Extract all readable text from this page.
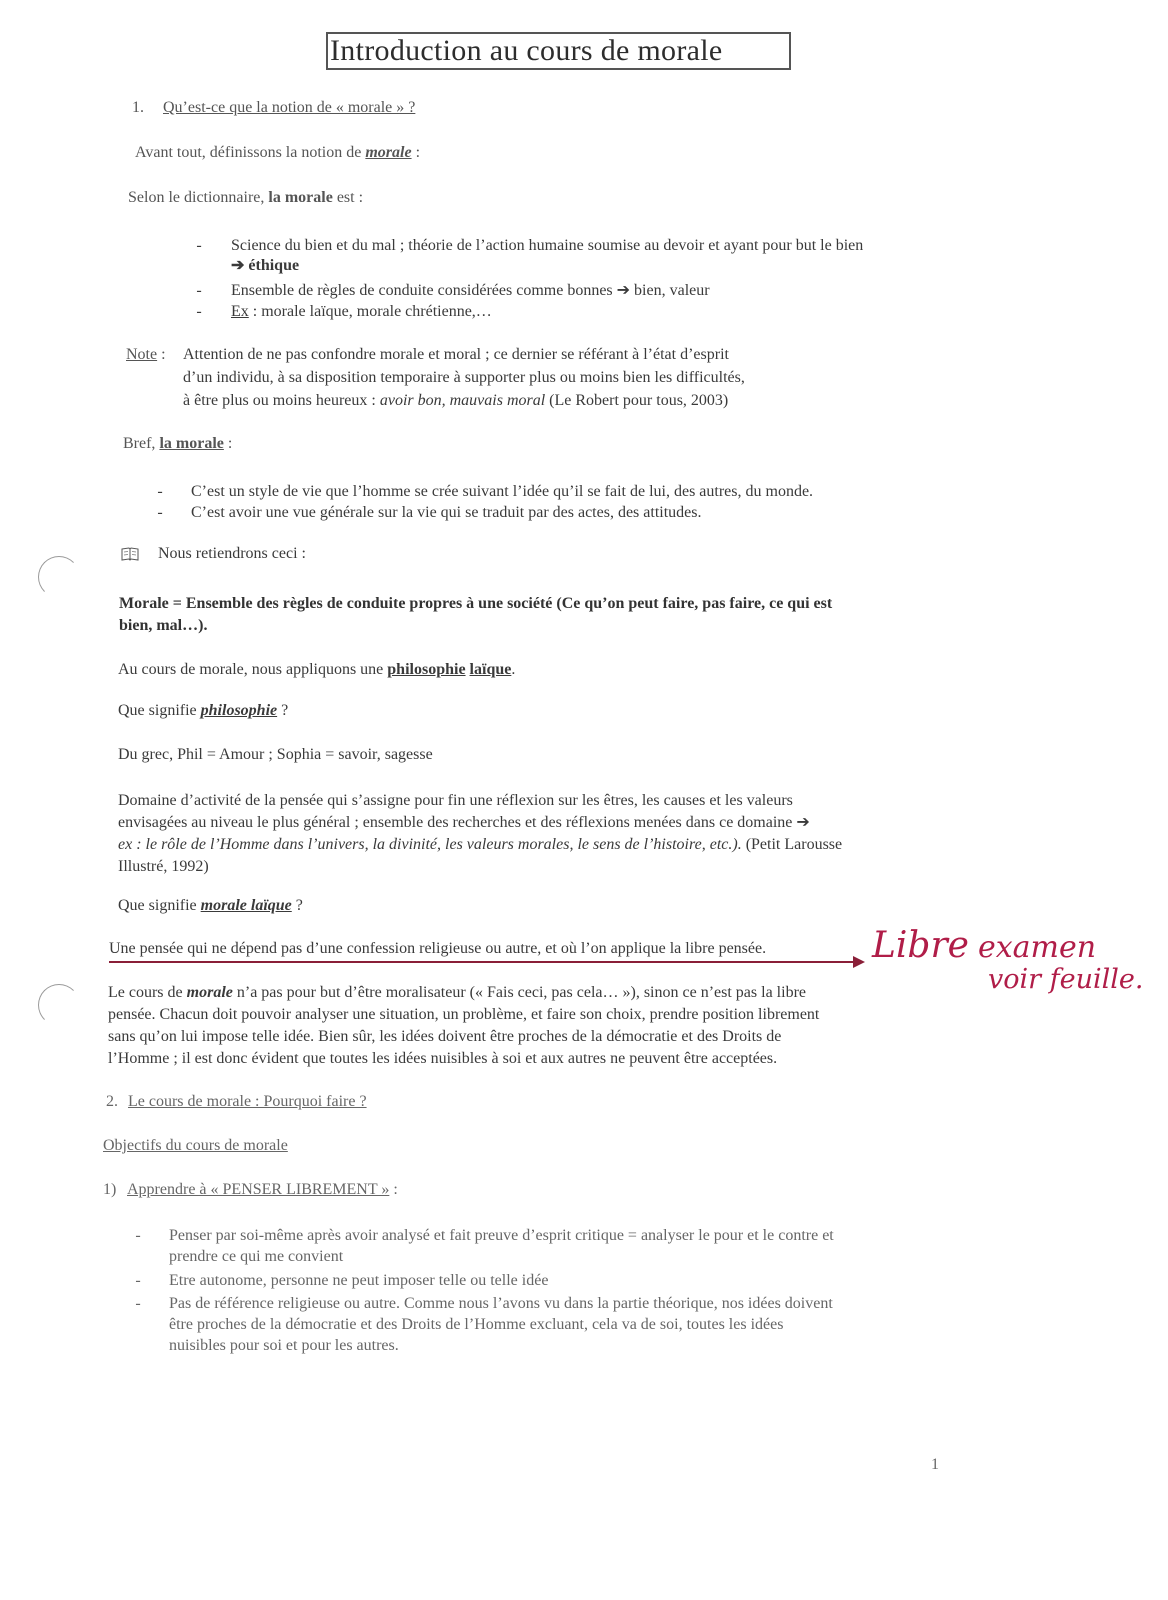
Introduction au cours de morale
1. Qu’est-ce que la notion de « morale » ?
Avant tout, définissons la notion de morale :
Selon le dictionnaire, la morale est :
- Science du bien et du mal ; théorie de l’action humaine soumise au devoir et ayant pour but le bien
➔ éthique
- Ensemble de règles de conduite considérées comme bonnes ➔ bien, valeur
- Ex : morale laïque, morale chrétienne,…
Note : Attention de ne pas confondre morale et moral ; ce dernier se référant à l’état d’esprit
d’un individu, à sa disposition temporaire à supporter plus ou moins bien les difficultés,
à être plus ou moins heureux : avoir bon, mauvais moral (Le Robert pour tous, 2003)
Bref, la morale :
- C’est un style de vie que l’homme se crée suivant l’idée qu’il se fait de lui, des autres, du monde.
- C’est avoir une vue générale sur la vie qui se traduit par des actes, des attitudes.
Nous retiendrons ceci :
Morale = Ensemble des règles de conduite propres à une société (Ce qu’on peut faire, pas faire, ce qui est
bien, mal…).
Au cours de morale, nous appliquons une philosophie laïque.
Que signifie philosophie ?
Du grec, Phil = Amour ; Sophia = savoir, sagesse
Domaine d’activité de la pensée qui s’assigne pour fin une réflexion sur les êtres, les causes et les valeurs
envisagées au niveau le plus général ; ensemble des recherches et des réflexions menées dans ce domaine ➔
ex : le rôle de l’Homme dans l’univers, la divinité, les valeurs morales, le sens de l’histoire, etc.). (Petit Larousse
Illustré, 1992)
Que signifie morale laïque ?
Une pensée qui ne dépend pas d’une confession religieuse ou autre, et où l’on applique la libre pensée.	Libre examen
voir feuille.
Le cours de morale n’a pas pour but d’être moralisateur (« Fais ceci, pas cela… »), sinon ce n’est pas la libre
pensée. Chacun doit pouvoir analyser une situation, un problème, et faire son choix, prendre position librement
sans qu’on lui impose telle idée. Bien sûr, les idées doivent être proches de la démocratie et des Droits de
l’Homme ; il est donc évident que toutes les idées nuisibles à soi et aux autres ne peuvent être acceptées.
2. Le cours de morale : Pourquoi faire ?
Objectifs du cours de morale
1) Apprendre à « PENSER LIBREMENT » :
- Penser par soi-même après avoir analysé et fait preuve d’esprit critique = analyser le pour et le contre et
prendre ce qui me convient
- Etre autonome, personne ne peut imposer telle ou telle idée
- Pas de référence religieuse ou autre. Comme nous l’avons vu dans la partie théorique, nos idées doivent
être proches de la démocratie et des Droits de l’Homme excluant, cela va de soi, toutes les idées
nuisibles pour soi et pour les autres.
1
